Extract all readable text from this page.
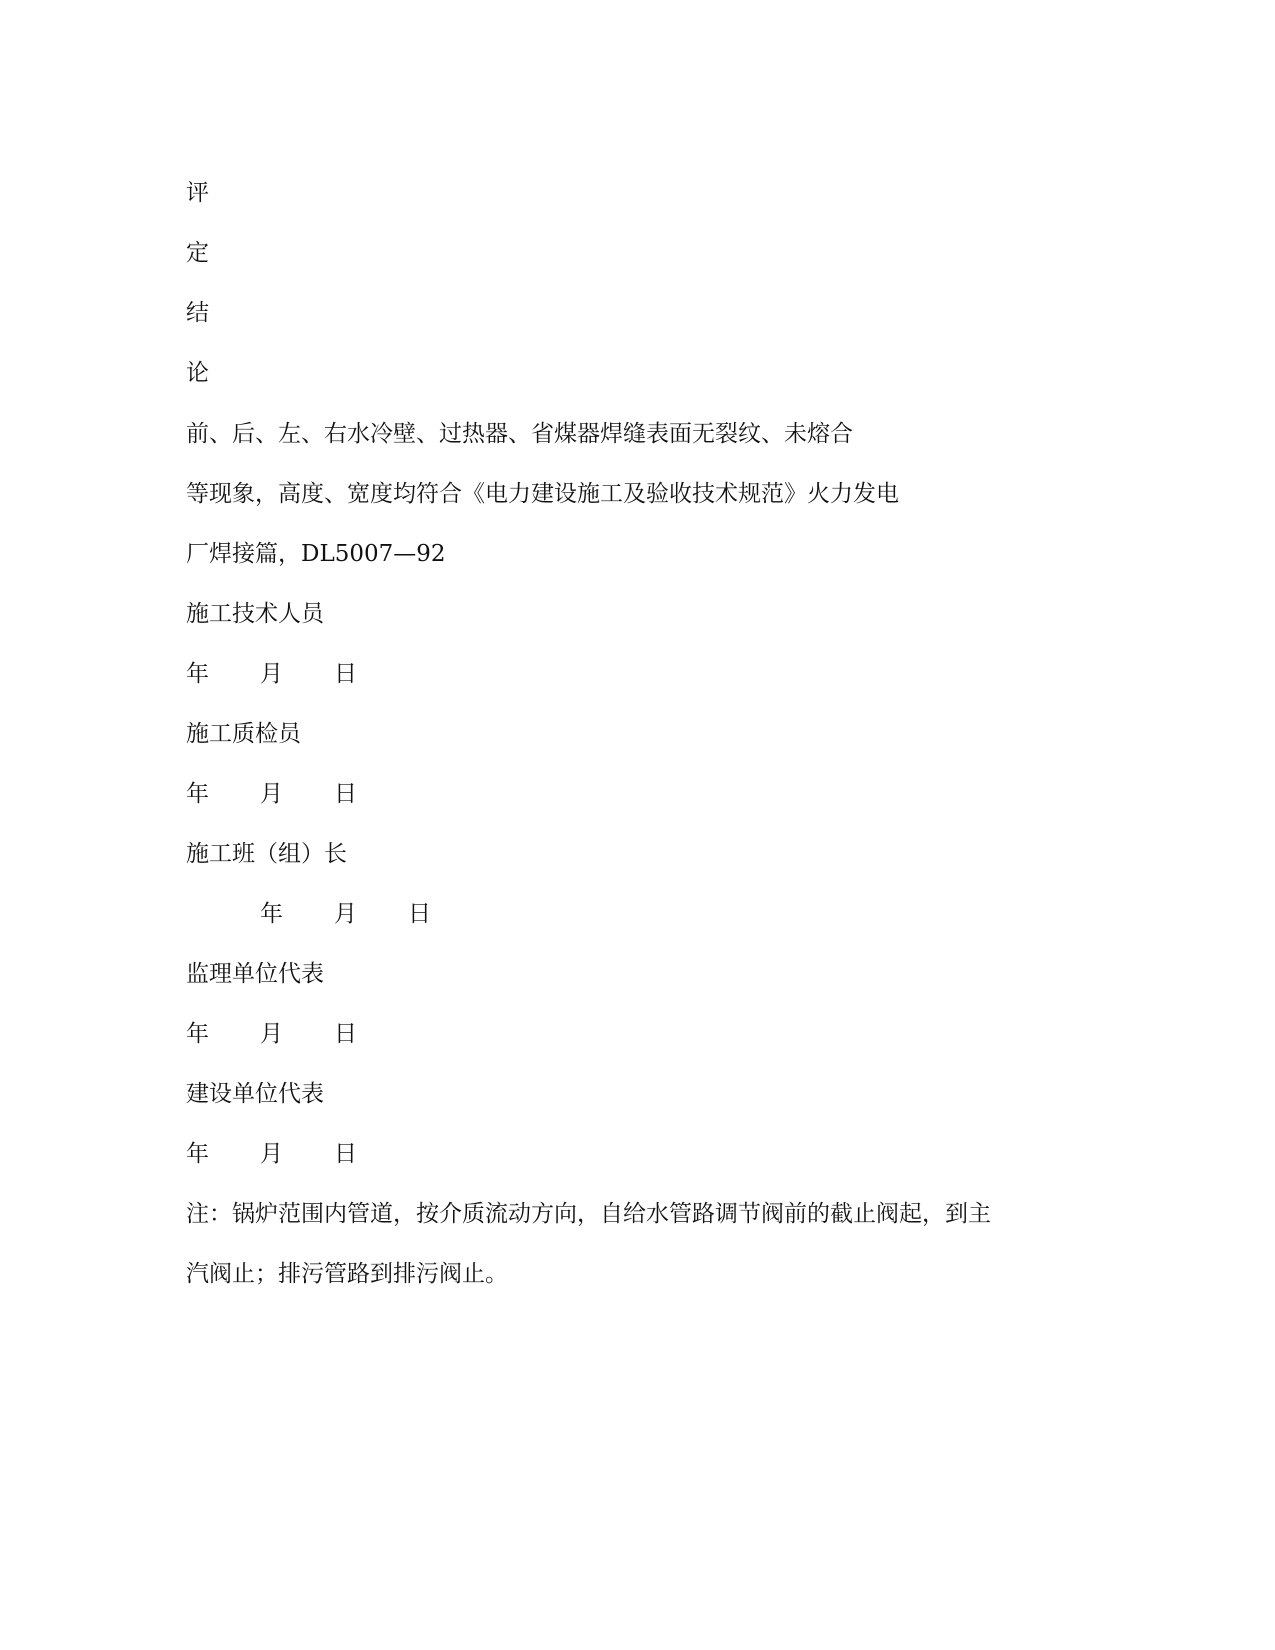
评
定
结
论
前、后、左、右水冷壁、过热器、省煤器焊缝表面无裂纹、未熔合
等现象，高度、宽度均符合《电力建设施工及验收技术规范》火力发电
厂焊接篇，DL5007—92
施工技术人员
年 月 日
施工质检员
年 月 日
施工班（组）长
年 月 日
监理单位代表
年 月 日
建设单位代表
年 月 日
注：锅炉范围内管道，按介质流动方向，自给水管路调节阀前的截止阀起，到主
汽阀止；排污管路到排污阀止。
